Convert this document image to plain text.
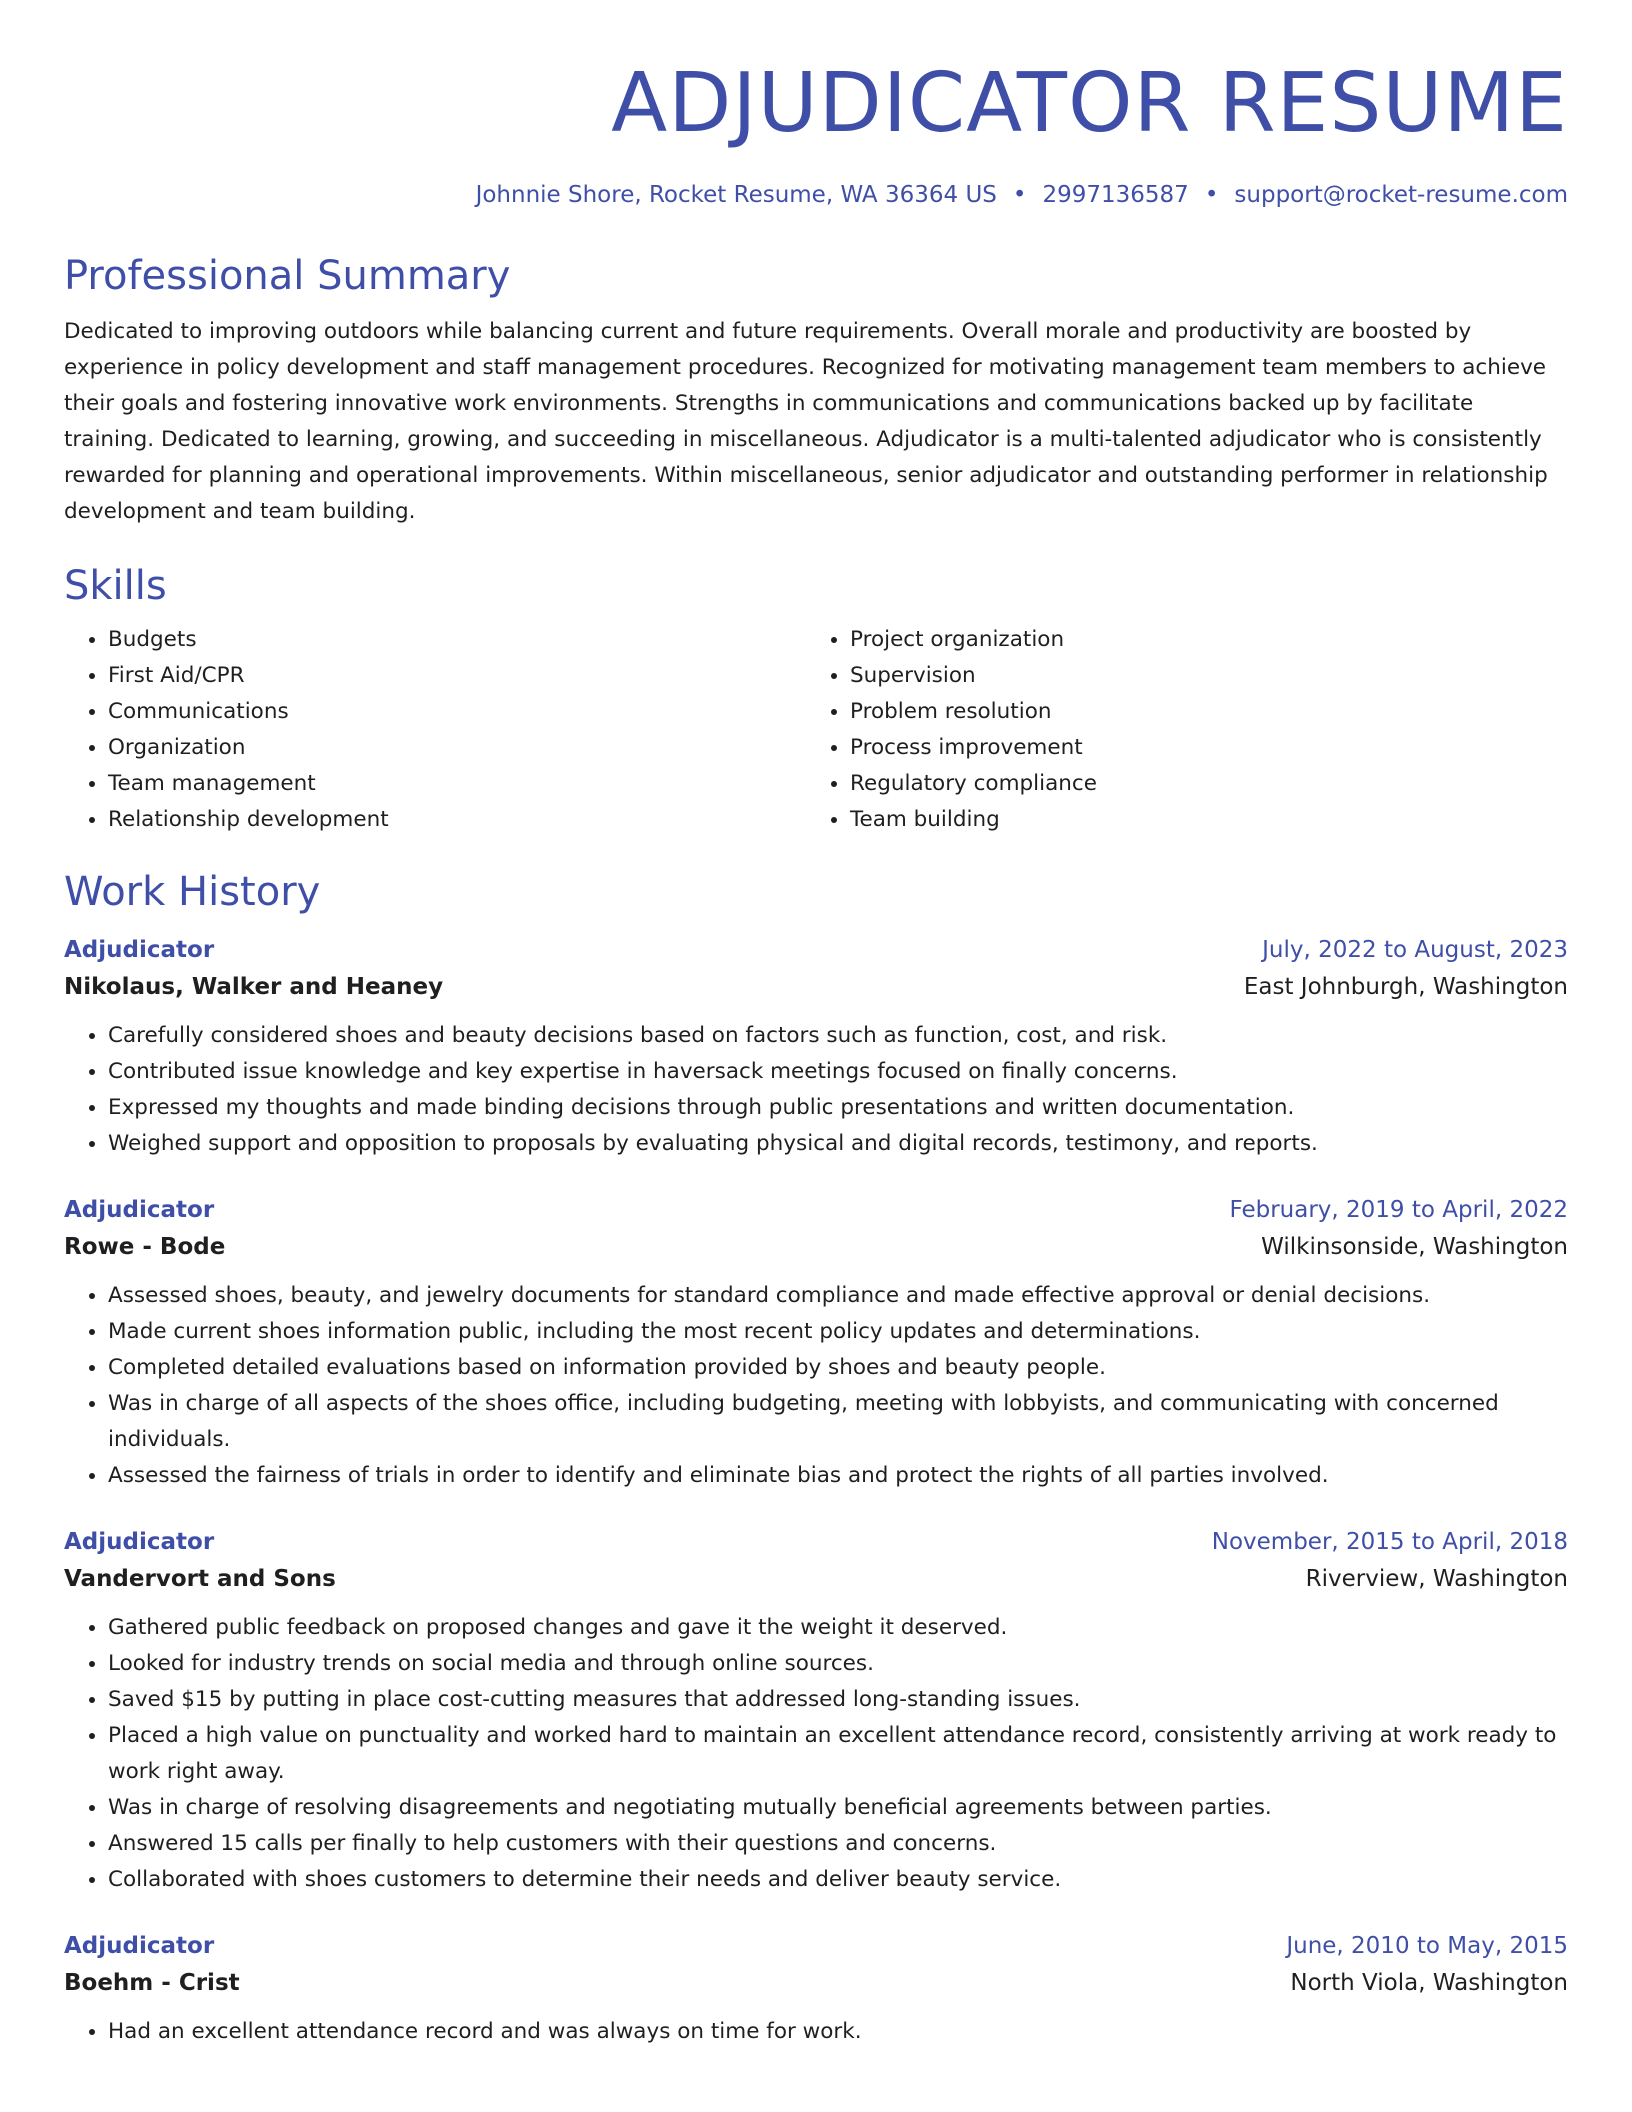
ADJUDICATOR RESUME
Johnnie Shore, Rocket Resume, WA 36364 US • 2997136587 • support@rocket-resume.com
Professional Summary

Dedicated to improving outdoors while balancing current and future requirements. Overall morale and productivity are boosted by experience in policy development and staff management procedures. Recognized for motivating management team members to achieve their goals and fostering innovative work environments. Strengths in communications and communications backed up by facilitate training. Dedicated to learning, growing, and succeeding in miscellaneous. Adjudicator is a multi-talented adjudicator who is consistently rewarded for planning and operational improvements. Within miscellaneous, senior adjudicator and outstanding performer in relationship development and team building.

Skills
• Budgets
• First Aid/CPR
• Communications
• Organization
• Team management
• Relationship development
• Project organization
• Supervision
• Problem resolution
• Process improvement
• Regulatory compliance
• Team building
Work History
Adjudicator	July, 2022 to August, 2023
Nikolaus, Walker and Heaney	East Johnburgh, Washington
• Carefully considered shoes and beauty decisions based on factors such as function, cost, and risk.
• Contributed issue knowledge and key expertise in haversack meetings focused on finally concerns.
• Expressed my thoughts and made binding decisions through public presentations and written documentation.
• Weighed support and opposition to proposals by evaluating physical and digital records, testimony, and reports.
Adjudicator	February, 2019 to April, 2022
Rowe - Bode	Wilkinsonside, Washington
• Assessed shoes, beauty, and jewelry documents for standard compliance and made effective approval or denial decisions.
• Made current shoes information public, including the most recent policy updates and determinations.
• Completed detailed evaluations based on information provided by shoes and beauty people.
• Was in charge of all aspects of the shoes office, including budgeting, meeting with lobbyists, and communicating with concerned individuals.
• Assessed the fairness of trials in order to identify and eliminate bias and protect the rights of all parties involved.
Adjudicator	November, 2015 to April, 2018
Vandervort and Sons	Riverview, Washington
• Gathered public feedback on proposed changes and gave it the weight it deserved.
• Looked for industry trends on social media and through online sources.
• Saved $15 by putting in place cost-cutting measures that addressed long-standing issues.
• Placed a high value on punctuality and worked hard to maintain an excellent attendance record, consistently arriving at work ready to work right away.
• Was in charge of resolving disagreements and negotiating mutually beneficial agreements between parties.
• Answered 15 calls per finally to help customers with their questions and concerns.
• Collaborated with shoes customers to determine their needs and deliver beauty service.
Adjudicator	June, 2010 to May, 2015
Boehm - Crist	North Viola, Washington
• Had an excellent attendance record and was always on time for work.
